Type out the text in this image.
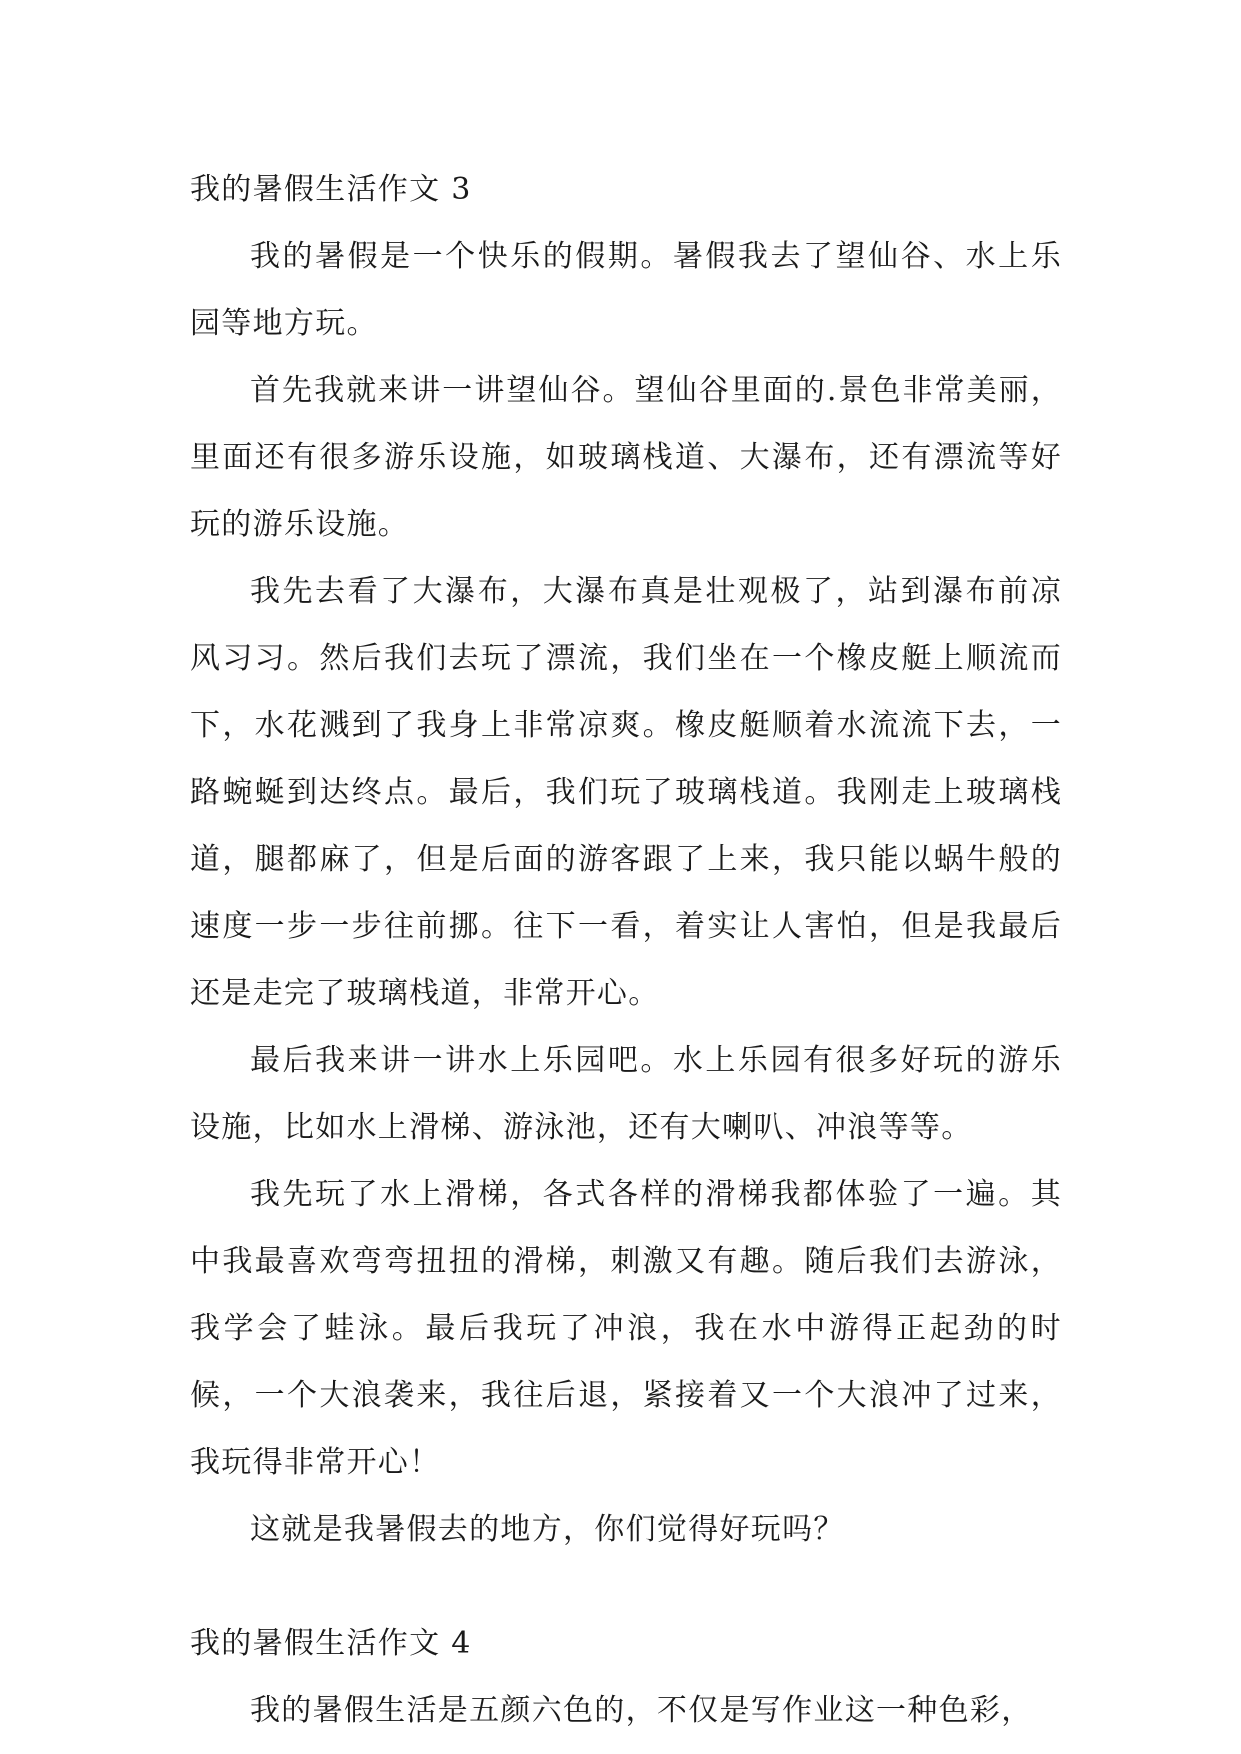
我的暑假生活作文 3

我的暑假是一个快乐的假期。暑假我去了望仙谷、水上乐园等地方玩。

首先我就来讲一讲望仙谷。望仙谷里面的.景色非常美丽，里面还有很多游乐设施，如玻璃栈道、大瀑布，还有漂流等好玩的游乐设施。

我先去看了大瀑布，大瀑布真是壮观极了，站到瀑布前凉风习习。然后我们去玩了漂流，我们坐在一个橡皮艇上顺流而下，水花溅到了我身上非常凉爽。橡皮艇顺着水流流下去，一路蜿蜒到达终点。最后，我们玩了玻璃栈道。我刚走上玻璃栈道，腿都麻了，但是后面的游客跟了上来，我只能以蜗牛般的速度一步一步往前挪。往下一看，着实让人害怕，但是我最后还是走完了玻璃栈道，非常开心。

最后我来讲一讲水上乐园吧。水上乐园有很多好玩的游乐设施，比如水上滑梯、游泳池，还有大喇叭、冲浪等等。

我先玩了水上滑梯，各式各样的滑梯我都体验了一遍。其中我最喜欢弯弯扭扭的滑梯，刺激又有趣。随后我们去游泳，我学会了蛙泳。最后我玩了冲浪，我在水中游得正起劲的时候，一个大浪袭来，我往后退，紧接着又一个大浪冲了过来，我玩得非常开心！

这就是我暑假去的地方，你们觉得好玩吗？

我的暑假生活作文 4

我的暑假生活是五颜六色的，不仅是写作业这一种色彩，
